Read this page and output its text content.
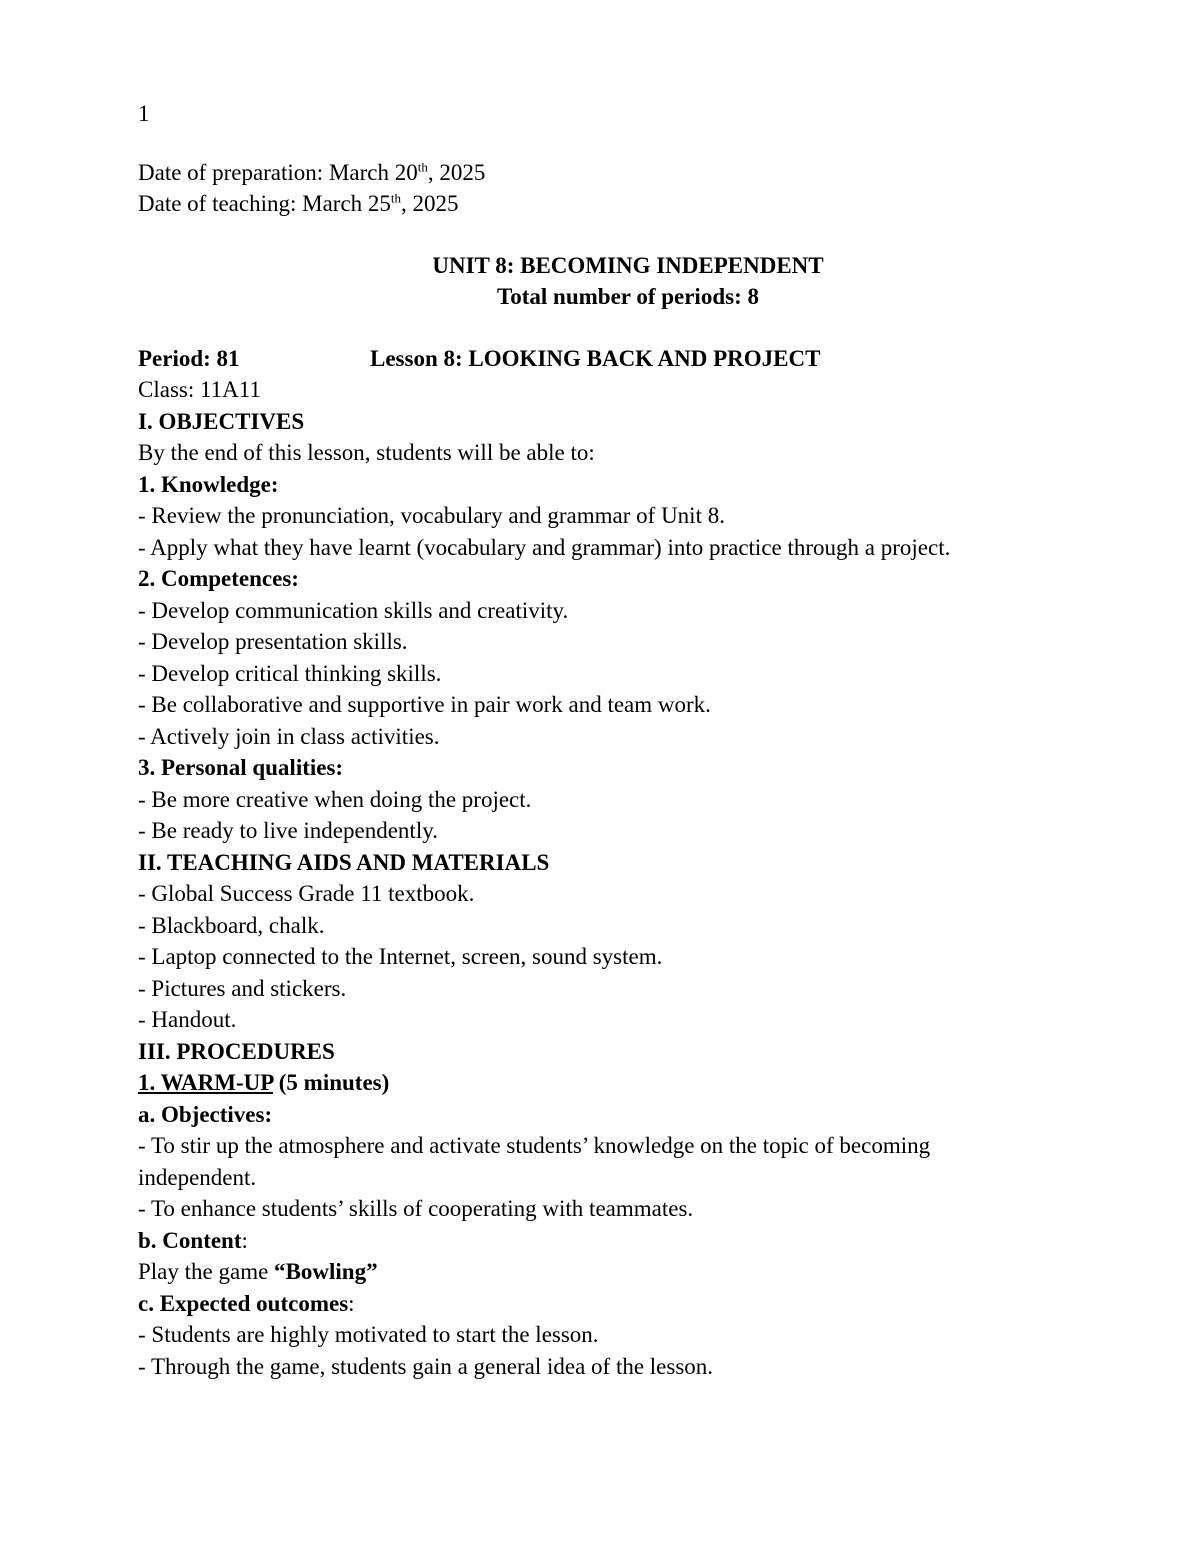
1
Date of preparation: March 20th, 2025
Date of teaching: March 25th, 2025
UNIT 8: BECOMING INDEPENDENT
Total number of periods: 8
Period: 81	Lesson 8: LOOKING BACK AND PROJECT
Class: 11A11
I. OBJECTIVES
By the end of this lesson, students will be able to:
1. Knowledge:
- Review the pronunciation, vocabulary and grammar of Unit 8.
- Apply what they have learnt (vocabulary and grammar) into practice through a project.
2. Competences:
- Develop communication skills and creativity.
- Develop presentation skills.
- Develop critical thinking skills.
- Be collaborative and supportive in pair work and team work.
- Actively join in class activities.
3. Personal qualities:
- Be more creative when doing the project.
- Be ready to live independently.
II. TEACHING AIDS AND MATERIALS
- Global Success Grade 11 textbook.
- Blackboard, chalk.
- Laptop connected to the Internet, screen, sound system.
- Pictures and stickers.
- Handout.
III. PROCEDURES
1. WARM-UP (5 minutes)
a. Objectives:
- To stir up the atmosphere and activate students’ knowledge on the topic of becoming independent.
- To enhance students’ skills of cooperating with teammates.
b. Content:
Play the game “Bowling”
c. Expected outcomes:
- Students are highly motivated to start the lesson.
- Through the game, students gain a general idea of the lesson.
